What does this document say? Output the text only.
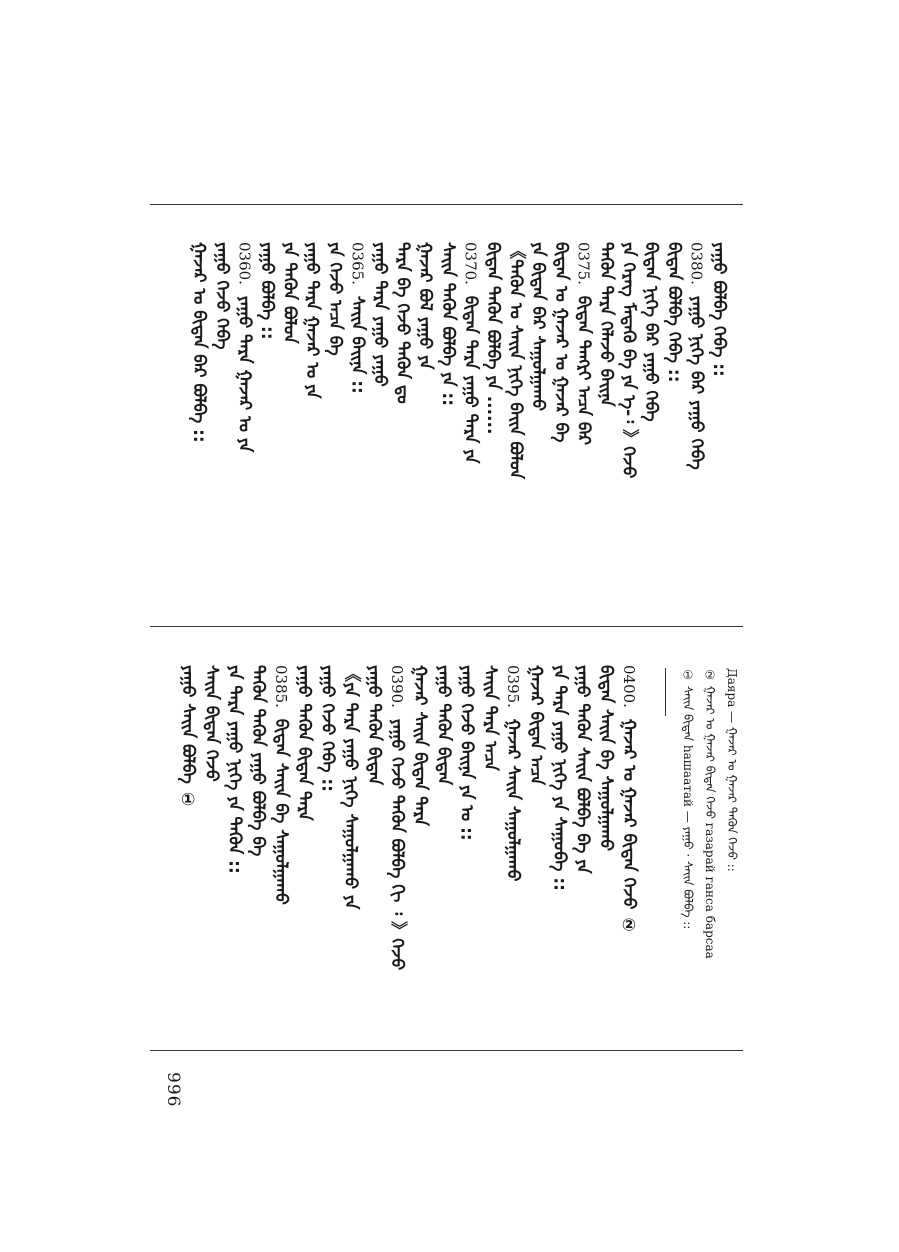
ᠶᠠᠭᠤ ᠪᠣᠯᠪᠠ ᠭᠡᠪᠡ ::
0380. ᠶᠠᠭᠤ ᠨᠢᠭᠡ ᠪᠠᠷ ᠶᠠᠭᠤ ᠭᠡᠪᠡ
ᠪᠢᠳᠡᠨ ᠪᠣᠯᠪᠠ ᠭᠡᠪᠡ ::
ᠪᠢᠳᠡᠨ ᠨᠢᠭᠡ ᠪᠠᠷ ᠶᠠᠭᠤ ᠭᠡᠪᠡ
ᠶᠠ ᠬᠡᠷᠡᠭ ᠮᠡᠳᠡᠬᠦ ᠪᠠ ᠶᠠ ᠡ-᠄ 》ᠭᠡᠵᠦ
ᠲᠡᠭᠦᠨ ᠲᠡᠷᠡ ᠬᠡᠯᠡᠵᠦ ᠪᠠᠢᠨᠠ
0375. ᠪᠢᠳᠡᠨ ᠲᠡᠩᠷᠢ ᠠᠴᠠ ᠪᠡᠷ
ᠪᠢᠳᠡᠨ ᠣ ᠭᠠᠵᠠᠷ ᠣ ᠭᠠᠵᠠᠷ ᠪᠠ
ᠶᠠ ᠪᠢᠳᠡᠨ ᠪᠡᠷ ᠰᠠᠭᠤᠯᠭᠠᠬᠤ
《ᠲᠡᠭᠦᠨ ᠤ ᠰᠠᠢᠨ ᠨᠢᠭᠡ ᠪᠠᠢᠨ ᠪᠣᠯᠤᠨ
ᠪᠢᠳᠡᠨ ᠲᠡᠭᠦᠨ ᠪᠣᠯᠪᠠ ᠶᠠ ......
0370. ᠪᠢᠳᠡᠨ ᠲᠡᠷᠡ ᠶᠠᠭᠤ ᠲᠡᠷᠡ ᠶᠠ
ᠰᠠᠢᠨ ᠲᠡᠭᠦᠨ ᠪᠣᠯᠪᠠ ᠶᠠ ::
ᠭᠠᠵᠠᠷ ᠪᠣᠯ ᠶᠠᠭᠤ ᠶᠠ
ᠲᠡᠷᠡ ᠪᠠ ᠭᠡᠵᠦ ᠲᠡᠭᠦᠨ ᠳᠤ
ᠶᠠᠭᠤ ᠲᠡᠷᠡ ᠶᠠᠭᠤ ᠶᠠᠭᠤ
0365. ᠰᠠᠢᠨ ᠪᠠᠢᠨᠠ ::
ᠶᠠ ᠭᠡᠵᠦ ᠠᠴᠠ ᠪᠠ
ᠶᠠᠭᠤ ᠲᠡᠷᠡ ᠭᠠᠵᠠᠷ ᠤ ᠶᠠ
ᠶᠠ ᠲᠡᠭᠦᠨ ᠪᠣᠯᠤᠨ
ᠶᠠᠭᠤ ᠪᠣᠯᠪᠠ ::
0360. ᠶᠠᠭᠤ ᠲᠡᠷᠡ ᠭᠠᠵᠠᠷ ᠤ ᠶᠠ
ᠶᠠᠭᠤ ᠭᠡᠵᠦ ᠭᠡᠪᠡ
ᠭᠠᠵᠠᠷ ᠤ ᠪᠢᠳᠡᠨ ᠪᠠᠷ ᠪᠣᠯᠪᠠ ::
Даяра — ᠭᠠᠵᠠᠷ ᠤ ᠭᠠᠵᠠᠷ ᠲᠡᠭᠦᠨ ᠭᠡᠵᠦ ::
② ᠭᠠᠵᠠᠷ ᠤ ᠭᠠᠵᠠᠷ ᠪᠢᠳᠡᠨ ᠭᠡᠵᠦ газарай ганса барсаа
① ᠰᠠᠢᠨ ᠪᠢᠳᠡᠨ hашаатай — ᠶᠠᠭᠤ · ᠰᠠᠢᠨ ᠪᠣᠯᠪᠠ ::
0400. ᠭᠠᠵᠠᠷ ᠤ ᠭᠠᠵᠠᠷ ᠪᠢᠳᠡᠨ ᠭᠡᠵᠦ ②
ᠪᠢᠳᠡᠨ ᠰᠠᠢᠨ ᠪᠠ ᠰᠠᠭᠤᠯᠭᠠᠬᠤ
ᠶᠠᠭᠤ ᠲᠡᠭᠦᠨ ᠰᠠᠢᠨ ᠪᠣᠯᠪᠠ ᠪᠠ ᠶᠠ
ᠶᠠ ᠲᠡᠷᠡ ᠶᠠᠭᠤ ᠨᠢᠭᠡ ᠶᠠ ᠰᠠᠭᠤᠪᠠ ::
ᠭᠠᠵᠠᠷ ᠪᠢᠳᠡᠨ ᠠᠴᠠ
0395. ᠭᠠᠵᠠᠷ ᠰᠠᠢᠨ ᠰᠠᠭᠤᠯᠭᠠᠬᠤ
ᠰᠠᠢᠨ ᠲᠡᠷᠡ ᠠᠴᠠ
ᠶᠠᠭᠤ ᠭᠡᠵᠦ ᠪᠠᠢᠨᠠ ᠶᠠ ᠤ ::
ᠶᠠᠭᠤ ᠲᠡᠭᠦᠨ ᠪᠢᠳᠡᠨ
ᠭᠠᠵᠠᠷ ᠰᠠᠢᠨ ᠪᠢᠳᠡᠨ ᠲᠡᠷᠡ
0390. ᠶᠠᠭᠤ ᠭᠡᠵᠦ ᠲᠡᠭᠦᠨ ᠪᠣᠯᠪᠠ ᠬᠢ ᠄ 》ᠭᠡᠵᠦ
ᠶᠠᠭᠤ ᠲᠡᠭᠦᠨ ᠪᠢᠳᠡᠨ
《ᠶᠠ ᠲᠡᠷᠡ ᠶᠠᠭᠤ ᠨᠢᠭᠡ ᠰᠠᠭᠤᠯᠭᠠᠬᠤ ᠶᠠ
ᠶᠠᠭᠤ ᠭᠡᠵᠦ ᠭᠡᠪᠡ ::
ᠶᠠᠭᠤ ᠲᠡᠭᠦᠨ ᠪᠢᠳᠡᠨ ᠲᠡᠷᠡ
0385. ᠪᠢᠳᠡᠨ ᠰᠠᠢᠨ ᠪᠠ ᠰᠠᠭᠤᠯᠭᠠᠬᠤ
ᠲᠡᠭᠦᠨ ᠲᠡᠭᠦᠨ ᠶᠠᠭᠤ ᠪᠣᠯᠪᠠ ᠪᠠ
ᠶᠠ ᠲᠡᠷᠡ ᠶᠠᠭᠤ ᠨᠢᠭᠡ ᠶᠠ ᠲᠡᠭᠦᠨ ::
ᠰᠠᠢᠨ ᠪᠢᠳᠡᠨ ᠭᠡᠵᠦ
ᠶᠠᠭᠤ ᠰᠠᠢᠨ ᠪᠣᠯᠪᠠ ①
996
